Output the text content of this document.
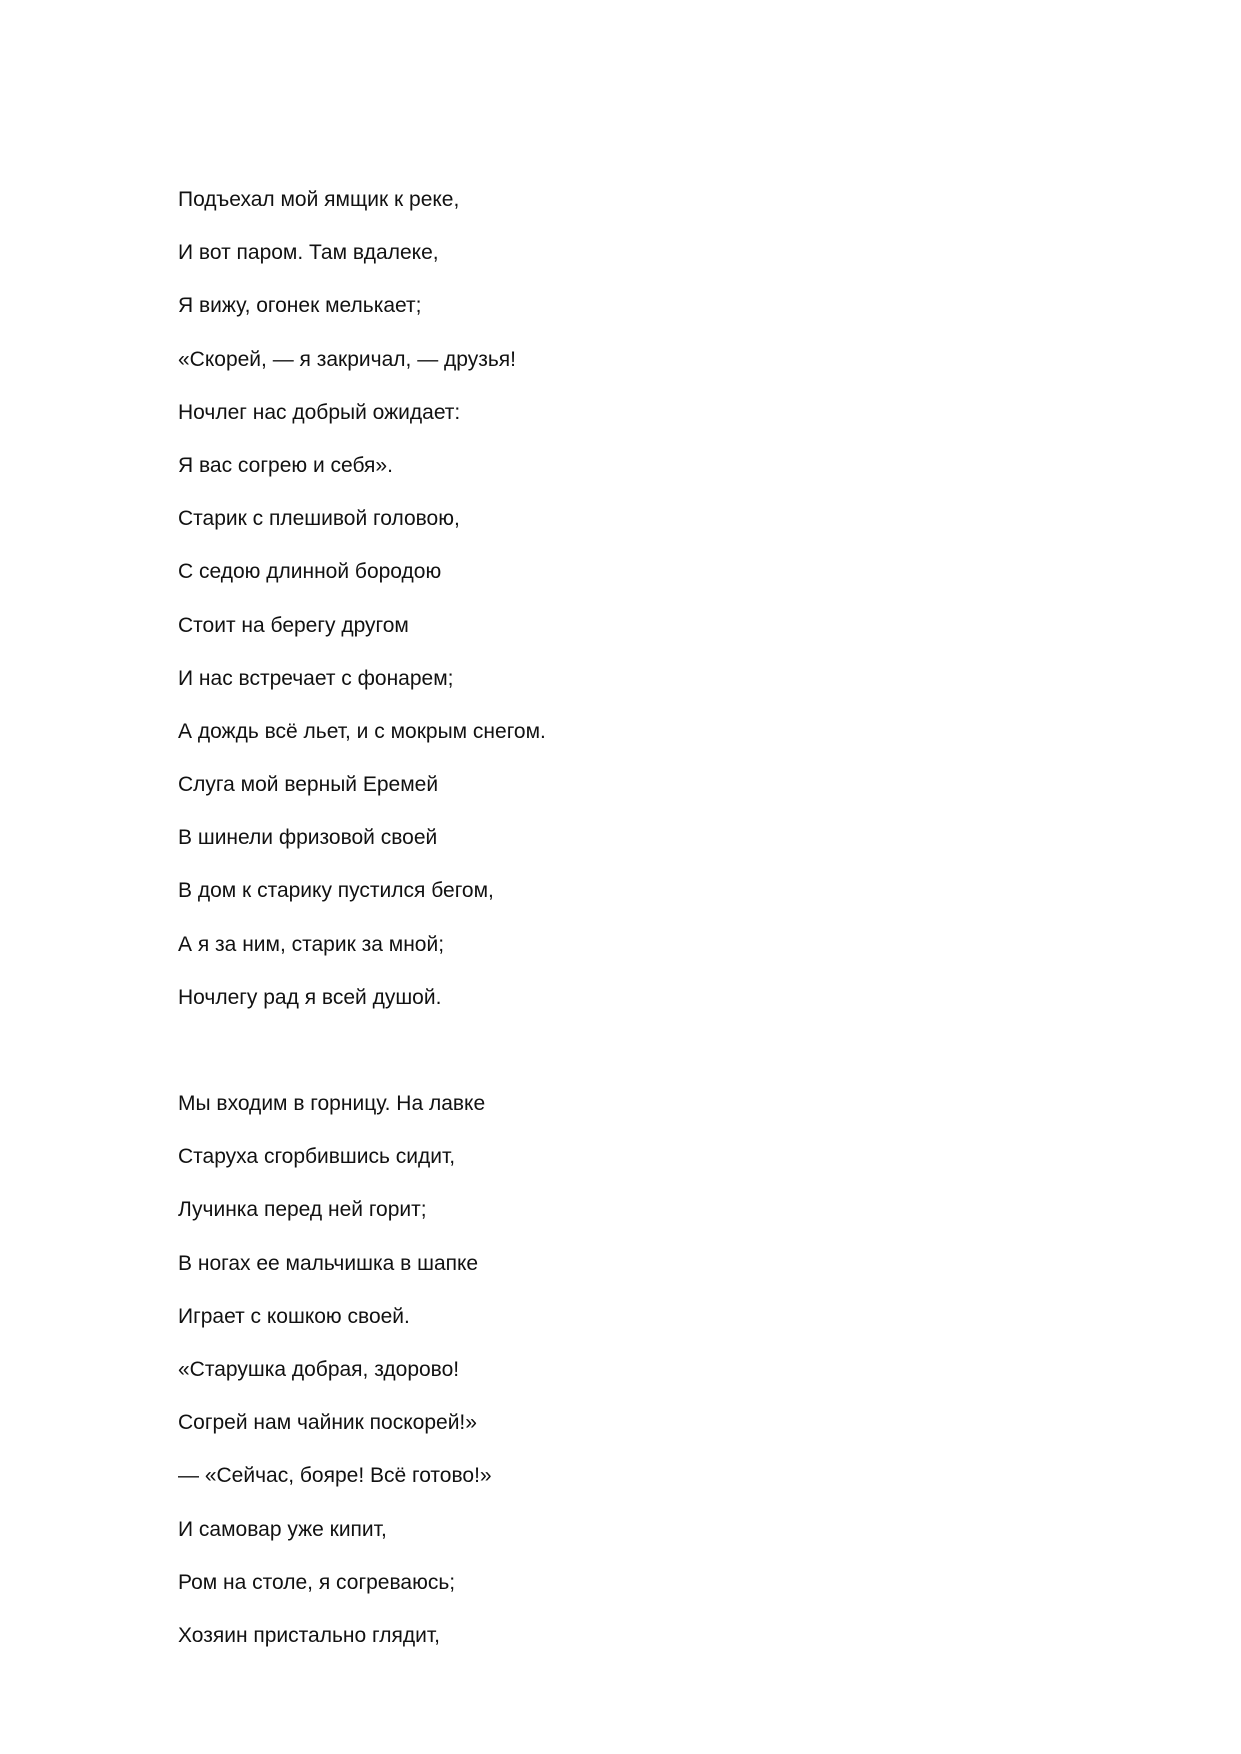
Подъехал мой ямщик к реке,
И вот паром. Там вдалеке,
Я вижу, огонек мелькает;
«Скорей, — я закричал, — друзья!
Ночлег нас добрый ожидает:
Я вас согрею и себя».
Старик с плешивой головою,
С седою длинной бородою
Стоит на берегу другом
И нас встречает с фонарем;
А дождь всё льет, и с мокрым снегом.
Слуга мой верный Еремей
В шинели фризовой своей
В дом к старику пустился бегом,
А я за ним, старик за мной;
Ночлегу рад я всей душой.
Мы входим в горницу. На лавке
Старуха сгорбившись сидит,
Лучинка перед ней горит;
В ногах ее мальчишка в шапке
Играет с кошкою своей.
«Старушка добрая, здорово!
Согрей нам чайник поскорей!»
— «Сейчас, бояре! Всё готово!»
И самовар уже кипит,
Ром на столе, я согреваюсь;
Хозяин пристально глядит,
